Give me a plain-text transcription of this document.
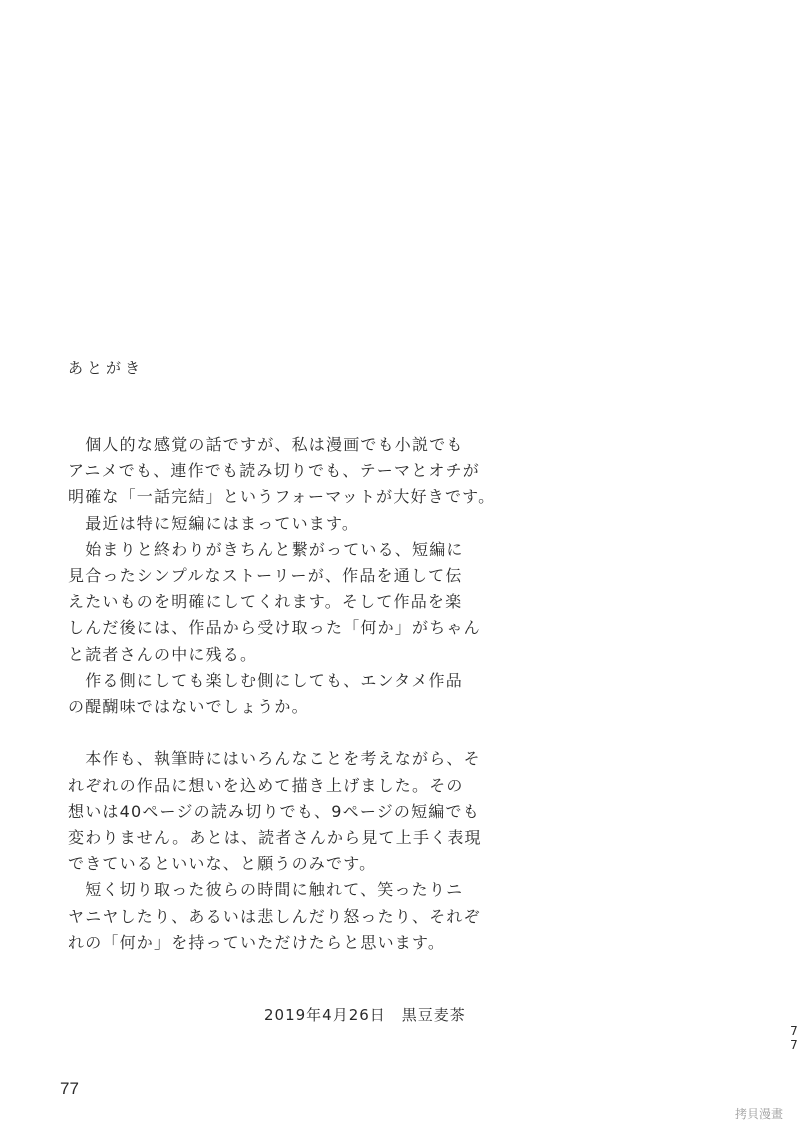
あとがき
　個人的な感覚の話ですが、私は漫画でも小説でも
アニメでも、連作でも読み切りでも、テーマとオチが
明確な「一話完結」というフォーマットが大好きです。
　最近は特に短編にはまっています。
　始まりと終わりがきちんと繋がっている、短編に
見合ったシンプルなストーリーが、作品を通して伝
えたいものを明確にしてくれます。そして作品を楽
しんだ後には、作品から受け取った「何か」がちゃん
と読者さんの中に残る。
　作る側にしても楽しむ側にしても、エンタメ作品
の醍醐味ではないでしょうか。

　本作も、執筆時にはいろんなことを考えながら、そ
れぞれの作品に想いを込めて描き上げました。その
想いは40ページの読み切りでも、9ページの短編でも
変わりません。あとは、読者さんから見て上手く表現
できているといいな、と願うのみです。
　短く切り取った彼らの時間に触れて、笑ったりニ
ヤニヤしたり、あるいは悲しんだり怒ったり、それぞ
れの「何か」を持っていただけたらと思います。
2019年4月26日　黒豆麦茶
77
7
7
拷貝漫畫
